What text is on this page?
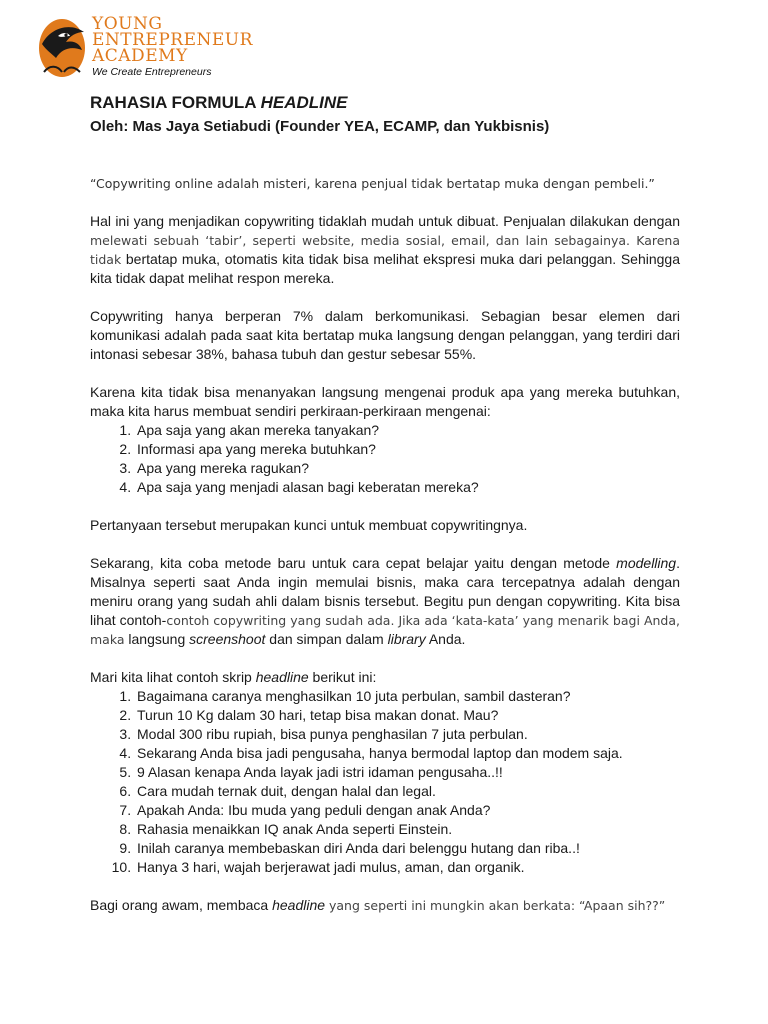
YOUNG
ENTREPRENEUR
ACADEMY
We Create Entrepreneurs
RAHASIA FORMULA HEADLINE
Oleh: Mas Jaya Setiabudi (Founder YEA, ECAMP, dan Yukbisnis)

“Copywriting online adalah misteri, karena penjual tidak bertatap muka dengan pembeli.”

Hal ini yang menjadikan copywriting tidaklah mudah untuk dibuat. Penjualan dilakukan dengan melewati sebuah ‘tabir’, seperti website, media sosial, email, dan lain sebagainya. Karena tidak bertatap muka, otomatis kita tidak bisa melihat ekspresi muka dari pelanggan. Sehingga kita tidak dapat melihat respon mereka.

Copywriting hanya berperan 7% dalam berkomunikasi. Sebagian besar elemen dari komunikasi adalah pada saat kita bertatap muka langsung dengan pelanggan, yang terdiri dari intonasi sebesar 38%, bahasa tubuh dan gestur sebesar 55%.

Karena kita tidak bisa menanyakan langsung mengenai produk apa yang mereka butuhkan, maka kita harus membuat sendiri perkiraan-perkiraan mengenai:

1. Apa saja yang akan mereka tanyakan?
2. Informasi apa yang mereka butuhkan?
3. Apa yang mereka ragukan?
4. Apa saja yang menjadi alasan bagi keberatan mereka?

Pertanyaan tersebut merupakan kunci untuk membuat copywritingnya.

Sekarang, kita coba metode baru untuk cara cepat belajar yaitu dengan metode modelling. Misalnya seperti saat Anda ingin memulai bisnis, maka cara tercepatnya adalah dengan meniru orang yang sudah ahli dalam bisnis tersebut. Begitu pun dengan copywriting. Kita bisa lihat contoh-contoh copywriting yang sudah ada. Jika ada ‘kata-kata’ yang menarik bagi Anda, maka langsung screenshoot dan simpan dalam library Anda.

Mari kita lihat contoh skrip headline berikut ini:

1. Bagaimana caranya menghasilkan 10 juta perbulan, sambil dasteran?
2. Turun 10 Kg dalam 30 hari, tetap bisa makan donat. Mau?
3. Modal 300 ribu rupiah, bisa punya penghasilan 7 juta perbulan.
4. Sekarang Anda bisa jadi pengusaha, hanya bermodal laptop dan modem saja.
5. 9 Alasan kenapa Anda layak jadi istri idaman pengusaha..!!
6. Cara mudah ternak duit, dengan halal dan legal.
7. Apakah Anda: Ibu muda yang peduli dengan anak Anda?
8. Rahasia menaikkan IQ anak Anda seperti Einstein.
9. Inilah caranya membebaskan diri Anda dari belenggu hutang dan riba..!
10. Hanya 3 hari, wajah berjerawat jadi mulus, aman, dan organik.

Bagi orang awam, membaca headline yang seperti ini mungkin akan berkata: “Apaan sih??”
